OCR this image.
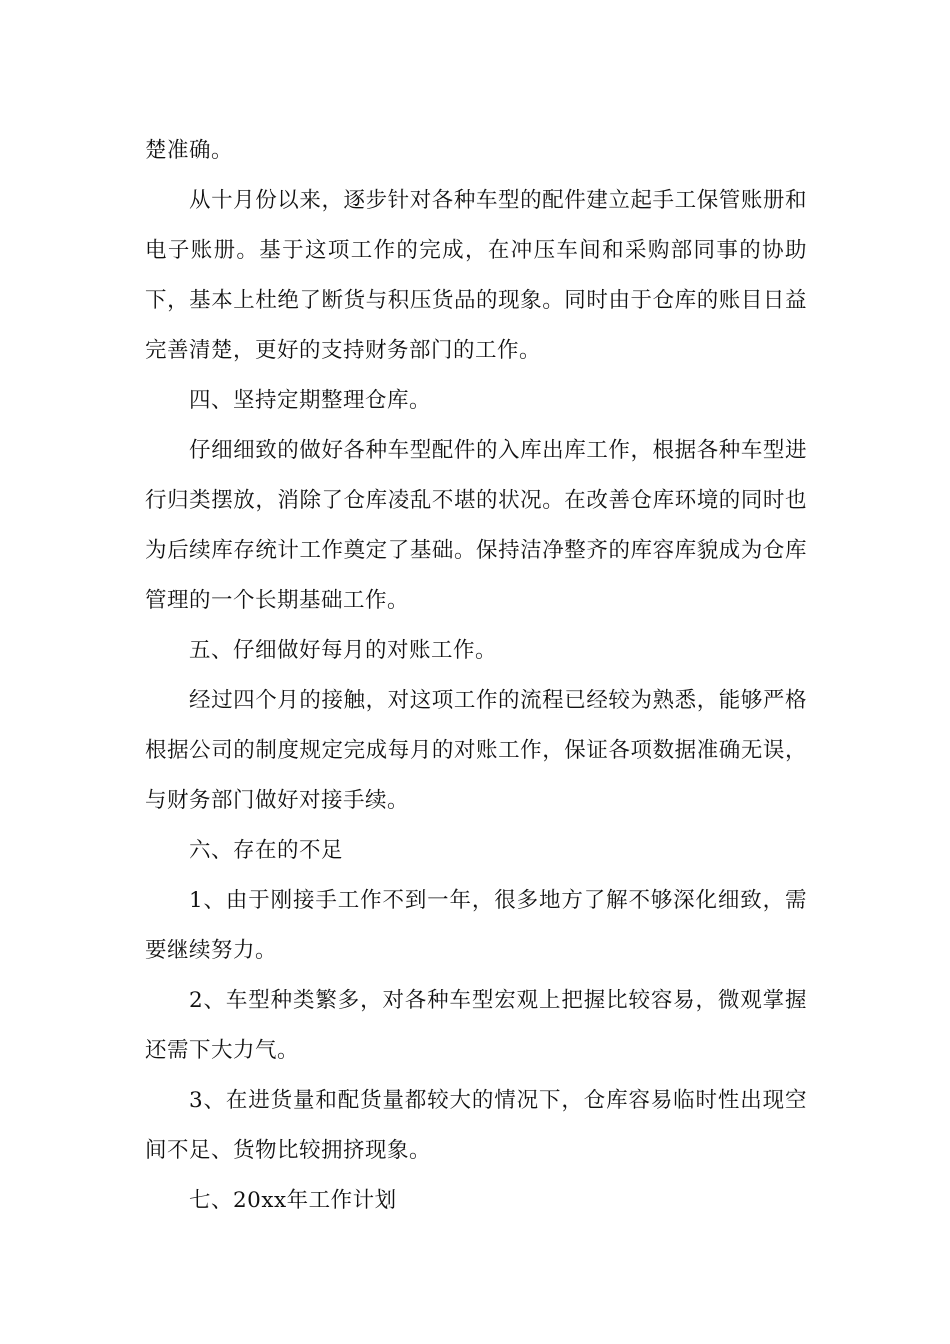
楚准确。

从十月份以来，逐步针对各种车型的配件建立起手工保管账册和电子账册。基于这项工作的完成，在冲压车间和采购部同事的协助下，基本上杜绝了断货与积压货品的现象。同时由于仓库的账目日益完善清楚，更好的支持财务部门的工作。

四、坚持定期整理仓库。

仔细细致的做好各种车型配件的入库出库工作，根据各种车型进行归类摆放，消除了仓库凌乱不堪的状况。在改善仓库环境的同时也为后续库存统计工作奠定了基础。保持洁净整齐的库容库貌成为仓库管理的一个长期基础工作。

五、仔细做好每月的对账工作。

经过四个月的接触，对这项工作的流程已经较为熟悉，能够严格根据公司的制度规定完成每月的对账工作，保证各项数据准确无误，与财务部门做好对接手续。

六、存在的不足

1、由于刚接手工作不到一年，很多地方了解不够深化细致，需要继续努力。

2、车型种类繁多，对各种车型宏观上把握比较容易，微观掌握还需下大力气。

3、在进货量和配货量都较大的情况下，仓库容易临时性出现空间不足、货物比较拥挤现象。

七、20xx年工作计划
